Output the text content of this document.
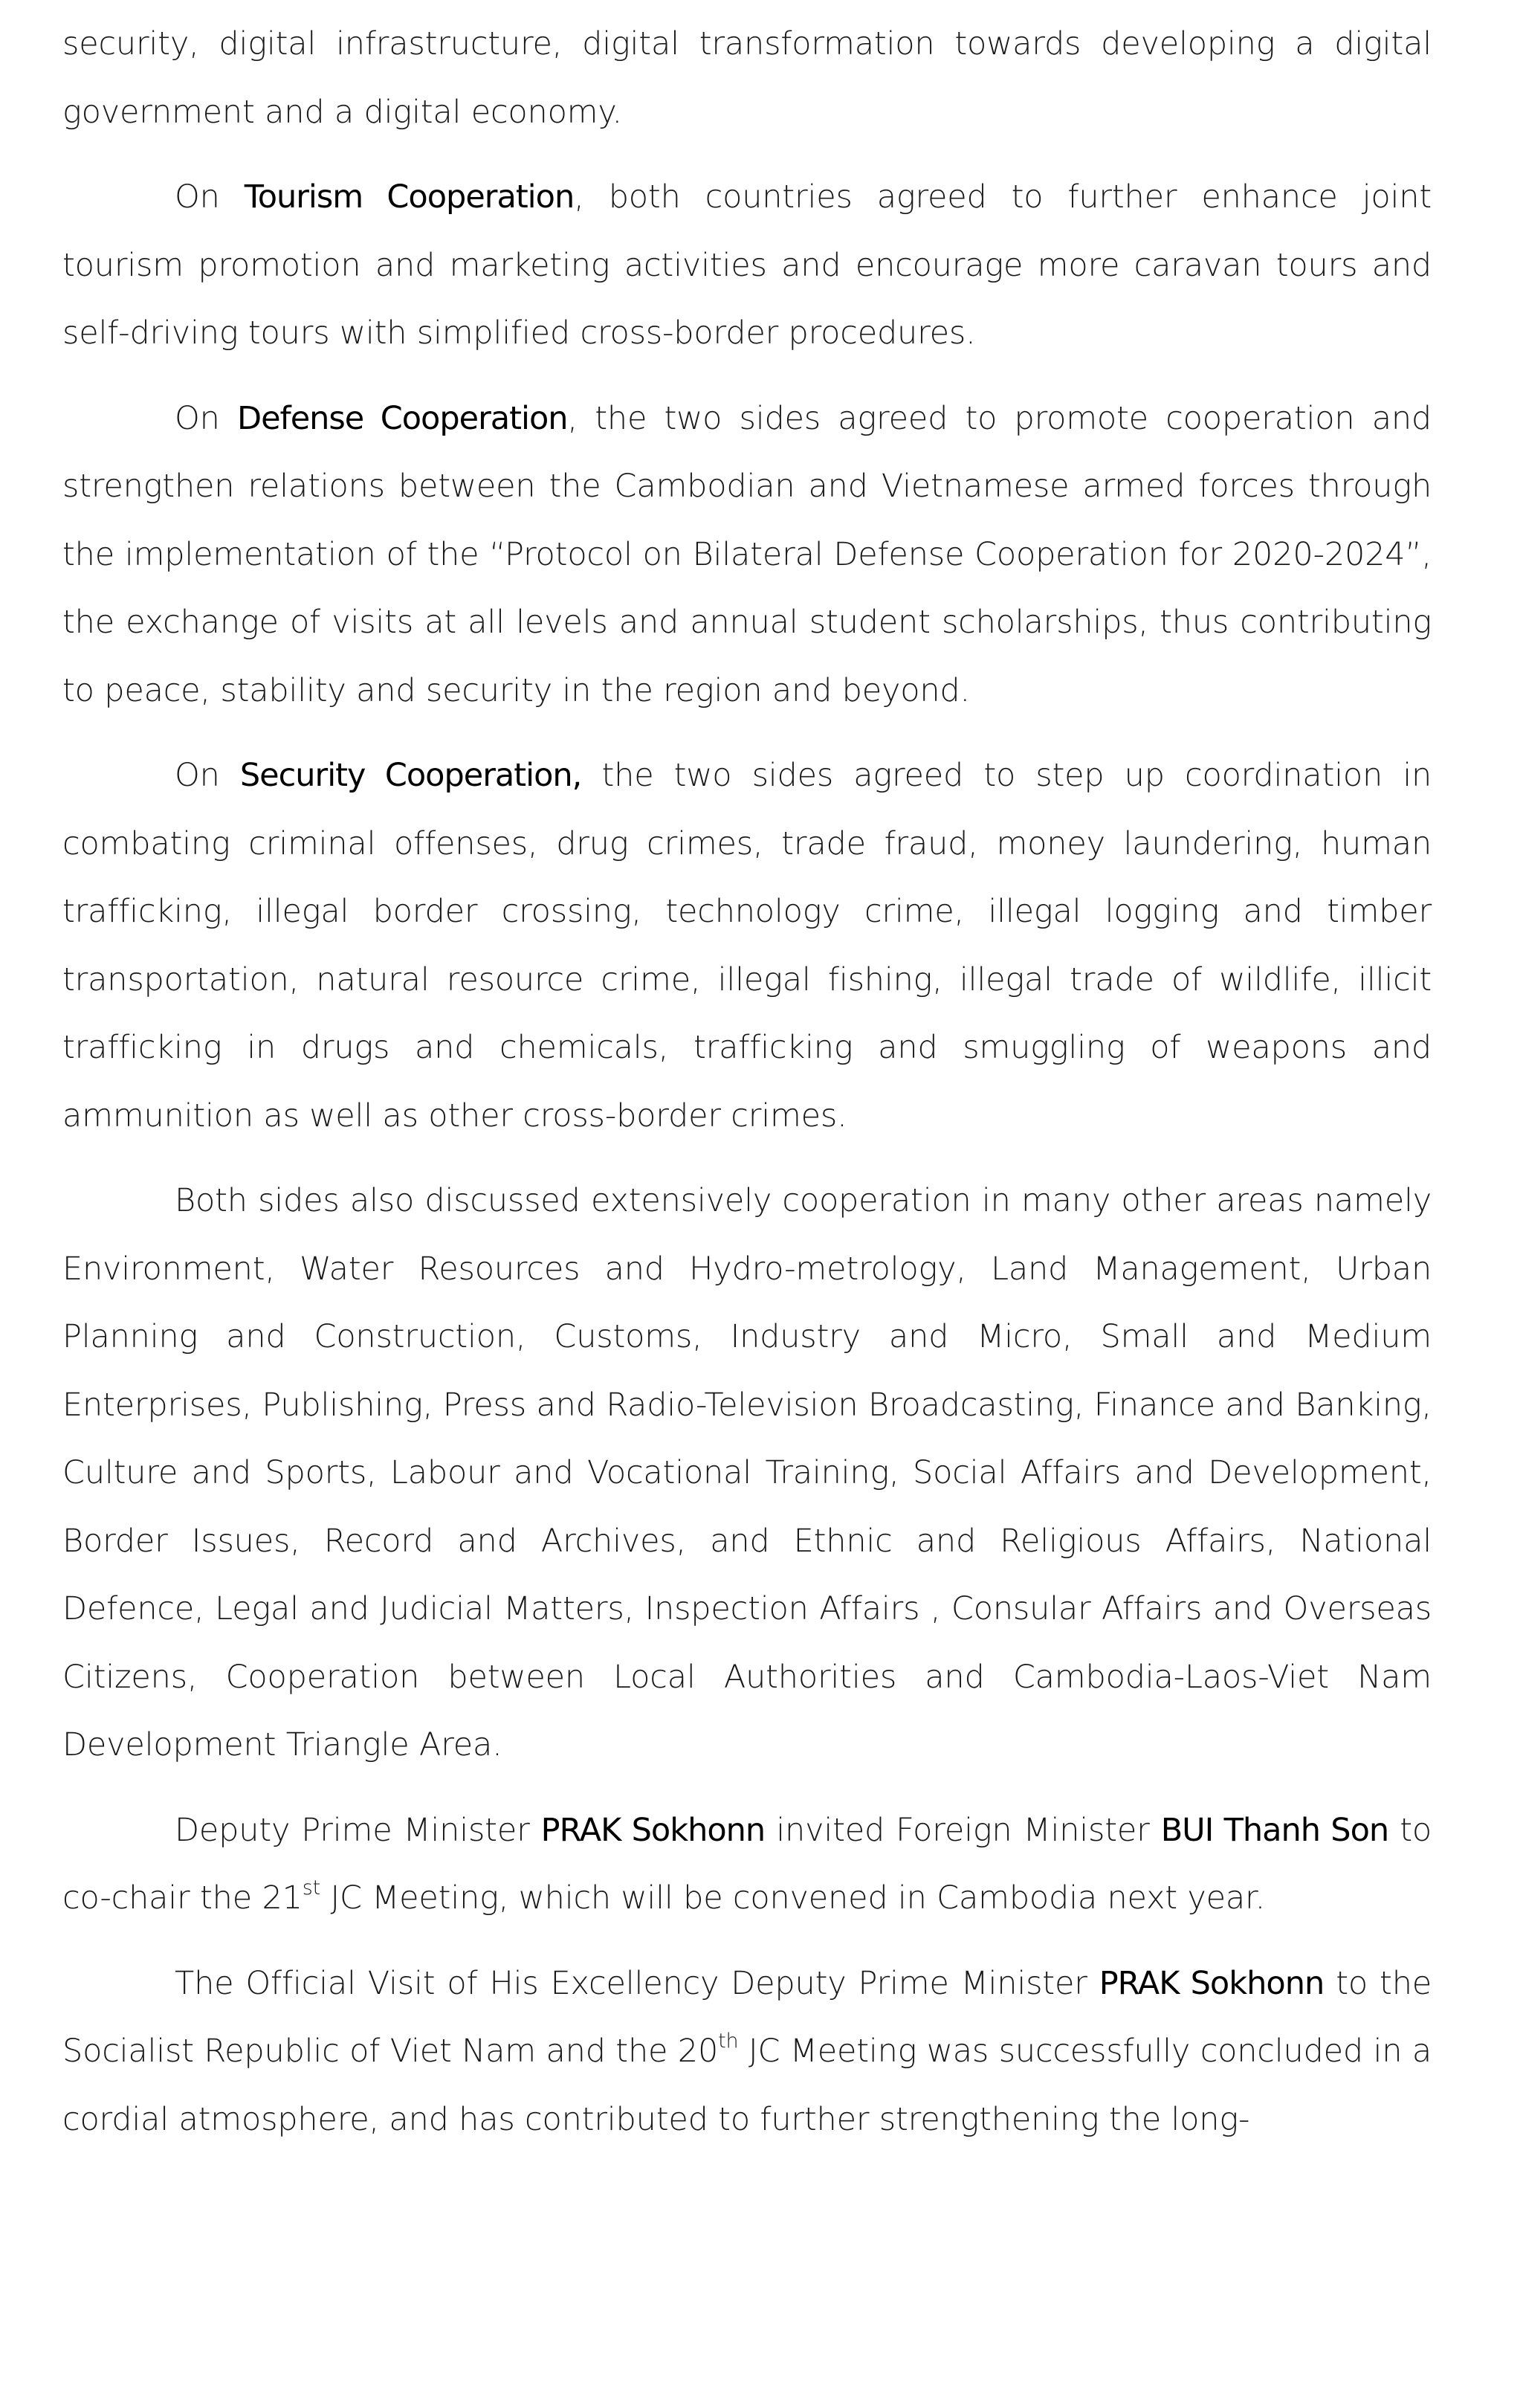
security, digital infrastructure, digital transformation towards developing a digital government and a digital economy.

On Tourism Cooperation, both countries agreed to further enhance joint tourism promotion and marketing activities and encourage more caravan tours and self-driving tours with simplified cross-border procedures.

On Defense Cooperation, the two sides agreed to promote cooperation and strengthen relations between the Cambodian and Vietnamese armed forces through the implementation of the “Protocol on Bilateral Defense Cooperation for 2020-2024”, the exchange of visits at all levels and annual student scholarships, thus contributing to peace, stability and security in the region and beyond.

On Security Cooperation, the two sides agreed to step up coordination in combating criminal offenses, drug crimes, trade fraud, money laundering, human trafficking, illegal border crossing, technology crime, illegal logging and timber transportation, natural resource crime, illegal fishing, illegal trade of wildlife, illicit trafficking in drugs and chemicals, trafficking and smuggling of weapons and ammunition as well as other cross-border crimes.

Both sides also discussed extensively cooperation in many other areas namely Environment, Water Resources and Hydro-metrology, Land Management, Urban Planning and Construction, Customs, Industry and Micro, Small and Medium Enterprises, Publishing, Press and Radio-Television Broadcasting, Finance and Banking, Culture and Sports, Labour and Vocational Training, Social Affairs and Development, Border Issues, Record and Archives, and Ethnic and Religious Affairs, National Defence, Legal and Judicial Matters, Inspection Affairs , Consular Affairs and Overseas Citizens, Cooperation between Local Authorities and Cambodia-Laos-Viet Nam Development Triangle Area.

Deputy Prime Minister PRAK Sokhonn invited Foreign Minister BUI Thanh Son to co-chair the 21st JC Meeting, which will be convened in Cambodia next year.

The Official Visit of His Excellency Deputy Prime Minister PRAK Sokhonn to the Socialist Republic of Viet Nam and the 20th JC Meeting was successfully concluded in a cordial atmosphere, and has contributed to further strengthening the long-
